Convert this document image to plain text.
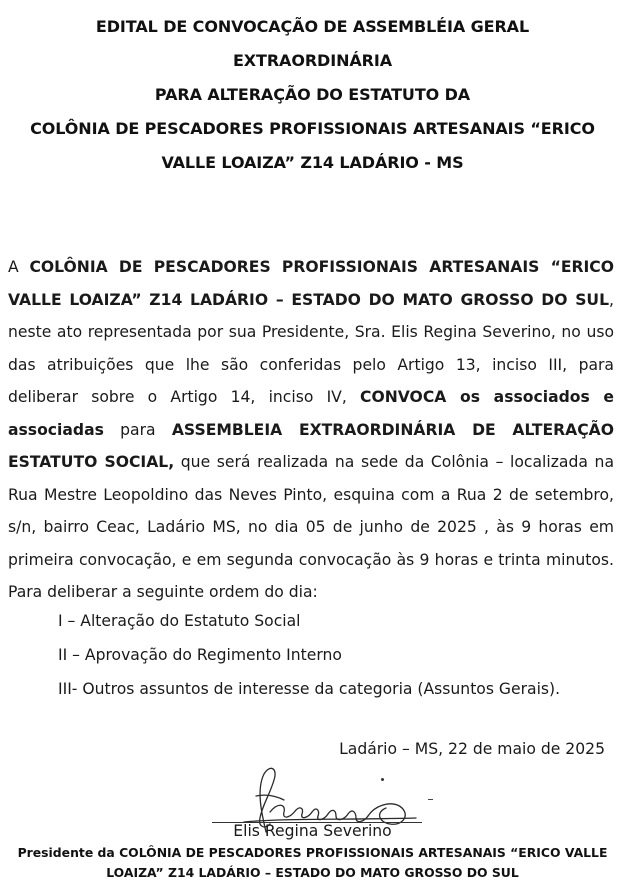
EDITAL DE CONVOCAÇÃO DE ASSEMBLÉIA GERAL
EXTRAORDINÁRIA
PARA ALTERAÇÃO DO ESTATUTO DA
COLÔNIA DE PESCADORES PROFISSIONAIS ARTESANAIS “ERICO
VALLE LOAIZA” Z14 LADÁRIO - MS
A COLÔNIA DE PESCADORES PROFISSIONAIS ARTESANAIS “ERICO VALLE LOAIZA” Z14 LADÁRIO – ESTADO DO MATO GROSSO DO SUL, neste ato representada por sua Presidente, Sra. Elis Regina Severino, no uso das atribuições que lhe são conferidas pelo Artigo 13, inciso III, para deliberar sobre o Artigo 14, inciso IV, CONVOCA os associados e associadas para ASSEMBLEIA EXTRAORDINÁRIA DE ALTERAÇÃO ESTATUTO SOCIAL, que será realizada na sede da Colônia – localizada na Rua Mestre Leopoldino das Neves Pinto, esquina com a Rua 2 de setembro, s/n, bairro Ceac, Ladário MS, no dia 05 de junho de 2025 , às 9 horas em primeira convocação, e em segunda convocação às 9 horas e trinta minutos. Para deliberar a seguinte ordem do dia:
I – Alteração do Estatuto Social
II – Aprovação do Regimento Interno
III- Outros assuntos de interesse da categoria (Assuntos Gerais).
Ladário – MS, 22 de maio de 2025
Elis Regina Severino
Presidente da COLÔNIA DE PESCADORES PROFISSIONAIS ARTESANAIS “ERICO VALLE
LOAIZA” Z14 LADÁRIO – ESTADO DO MATO GROSSO DO SUL
